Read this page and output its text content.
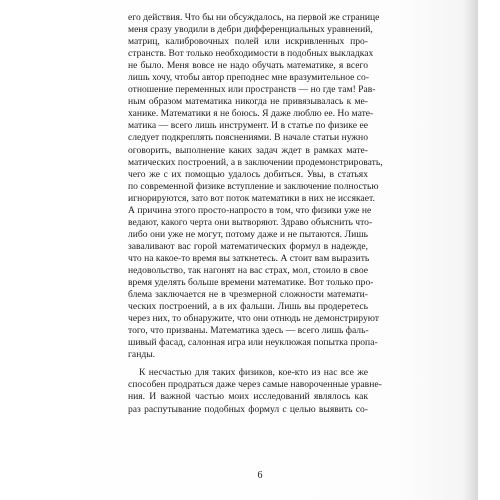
его действия. Что бы ни обсуждалось, на первой же странице
меня сразу уводили в дебри дифференциальных уравнений,
матриц, калибровочных полей или искривленных про-
странств. Вот только необходимости в подобных выкладках
не было. Меня вовсе не надо обучать математике, я всего
лишь хочу, чтобы автор преподнес мне вразумительное со-
отношение переменных или пространств — но где там! Рав-
ным образом математика никогда не привязывалась к ме-
ханике. Математики я не боюсь. Я даже люблю ее. Но мате-
матика — всего лишь инструмент. И в статье по физике ее
следует подкреплять пояснениями. В начале статьи нужно
оговорить, выполнение каких задач ждет в рамках мате-
матических построений, а в заключении продемонстрировать,
чего же с их помощью удалось добиться. Увы, в статьях
по современной физике вступление и заключение полностью
игнорируются, зато вот поток математики в них не иссякает.
А причина этого просто-напросто в том, что физики уже не
ведают, какого черта они вытворяют. Здраво объяснить что-
либо они уже не могут, потому даже и не пытаются. Лишь
заваливают вас горой математических формул в надежде,
что на какое-то время вы заткнетесь. А стоит вам выразить
недовольство, так нагонят на вас страх, мол, стоило в свое
время уделять больше времени математике. Вот только про-
блема заключается не в чрезмерной сложности математи-
ческих построений, а в их фальши. Лишь вы продеретесь
через них, то обнаружите, что они отнюдь не демонстрируют
того, что призваны. Математика здесь — всего лишь фаль-
шивый фасад, салонная игра или неуклюжая попытка пропа-
ганды.
К несчастью для таких физиков, кое-кто из нас все же
способен продраться даже через самые навороченные уравне-
ния. И важной частью моих исследований являлось как
раз распутывание подобных формул с целью выявить со-
6
